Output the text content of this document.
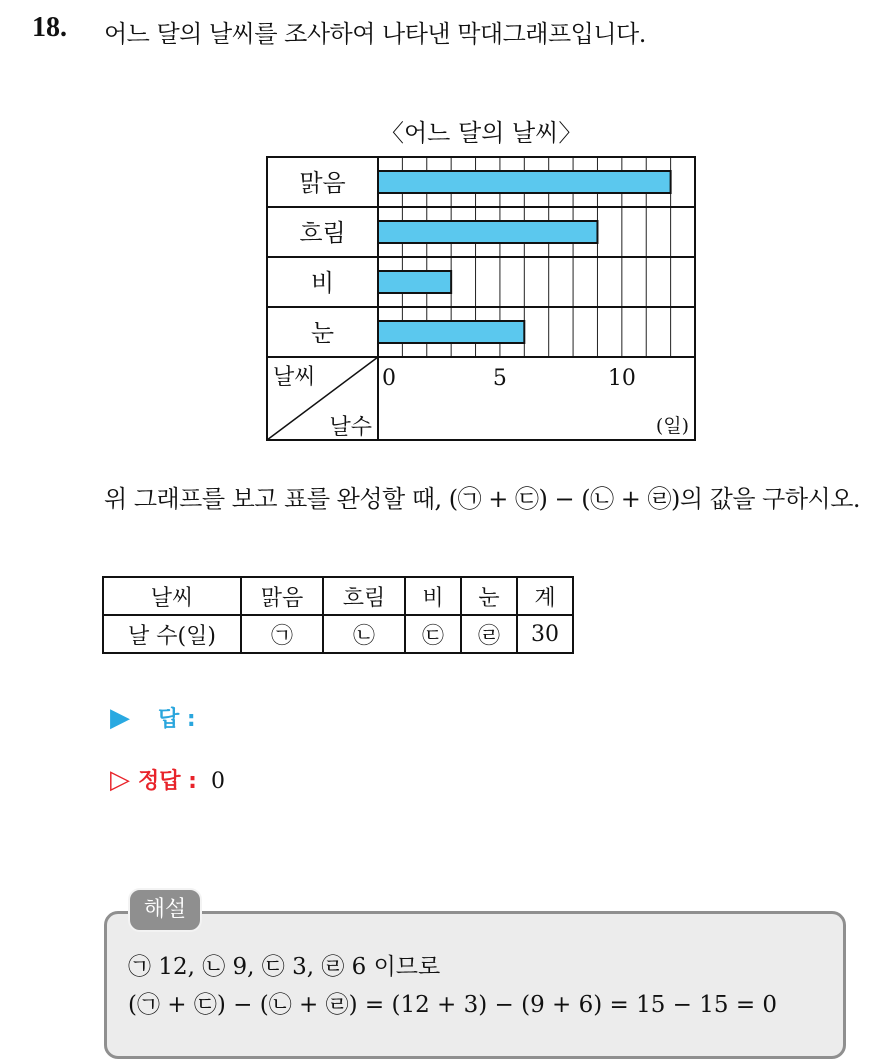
18. 어느 달의 날씨를 조사하여 나타낸 막대그래프입니다.
〈어느 달의 날씨〉
맑음
흐림
비
눈
날씨
날수
0	5	10
(일)
위 그래프를 보고 표를 완성할 때, (㉠ + ㉢) − (㉡ + ㉣)의 값을 구하시오.
날씨	맑음	흐림	비	눈	계
날 수(일)	㉠	㉡	㉢	㉣	30
▶ 답 :
▷ 정답 : 0
해설
㉠ 12, ㉡ 9, ㉢ 3, ㉣ 6 이므로
(㉠ + ㉢) − (㉡ + ㉣) = (12 + 3) − (9 + 6) = 15 − 15 = 0
